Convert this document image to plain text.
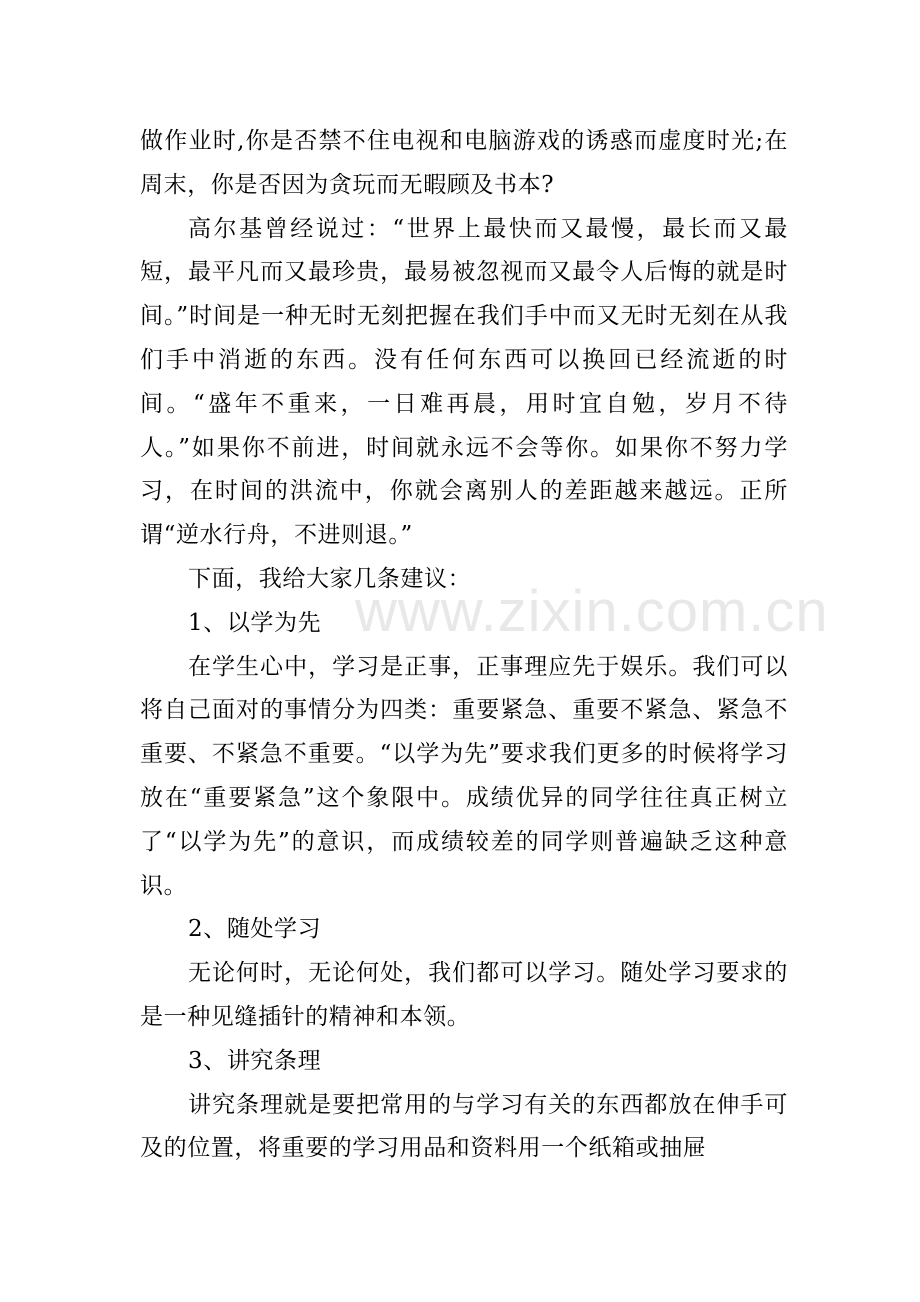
做作业时,你是否禁不住电视和电脑游戏的诱惑而虚度时光;在周末，你是否因为贪玩而无暇顾及书本?

高尔基曾经说过：“世界上最快而又最慢，最长而又最短，最平凡而又最珍贵，最易被忽视而又最令人后悔的就是时间。”时间是一种无时无刻把握在我们手中而又无时无刻在从我们手中消逝的东西。没有任何东西可以换回已经流逝的时间。“盛年不重来，一日难再晨，用时宜自勉，岁月不待人。”如果你不前进，时间就永远不会等你。如果你不努力学习，在时间的洪流中，你就会离别人的差距越来越远。正所谓“逆水行舟，不进则退。”

下面，我给大家几条建议：

1、以学为先

在学生心中，学习是正事，正事理应先于娱乐。我们可以将自己面对的事情分为四类：重要紧急、重要不紧急、紧急不重要、不紧急不重要。“以学为先”要求我们更多的时候将学习放在“重要紧急”这个象限中。成绩优异的同学往往真正树立了“以学为先”的意识，而成绩较差的同学则普遍缺乏这种意识。

2、随处学习

无论何时，无论何处，我们都可以学习。随处学习要求的是一种见缝插针的精神和本领。

3、讲究条理

讲究条理就是要把常用的与学习有关的东西都放在伸手可及的位置，将重要的学习用品和资料用一个纸箱或抽屉

www.zixin.com.cn
